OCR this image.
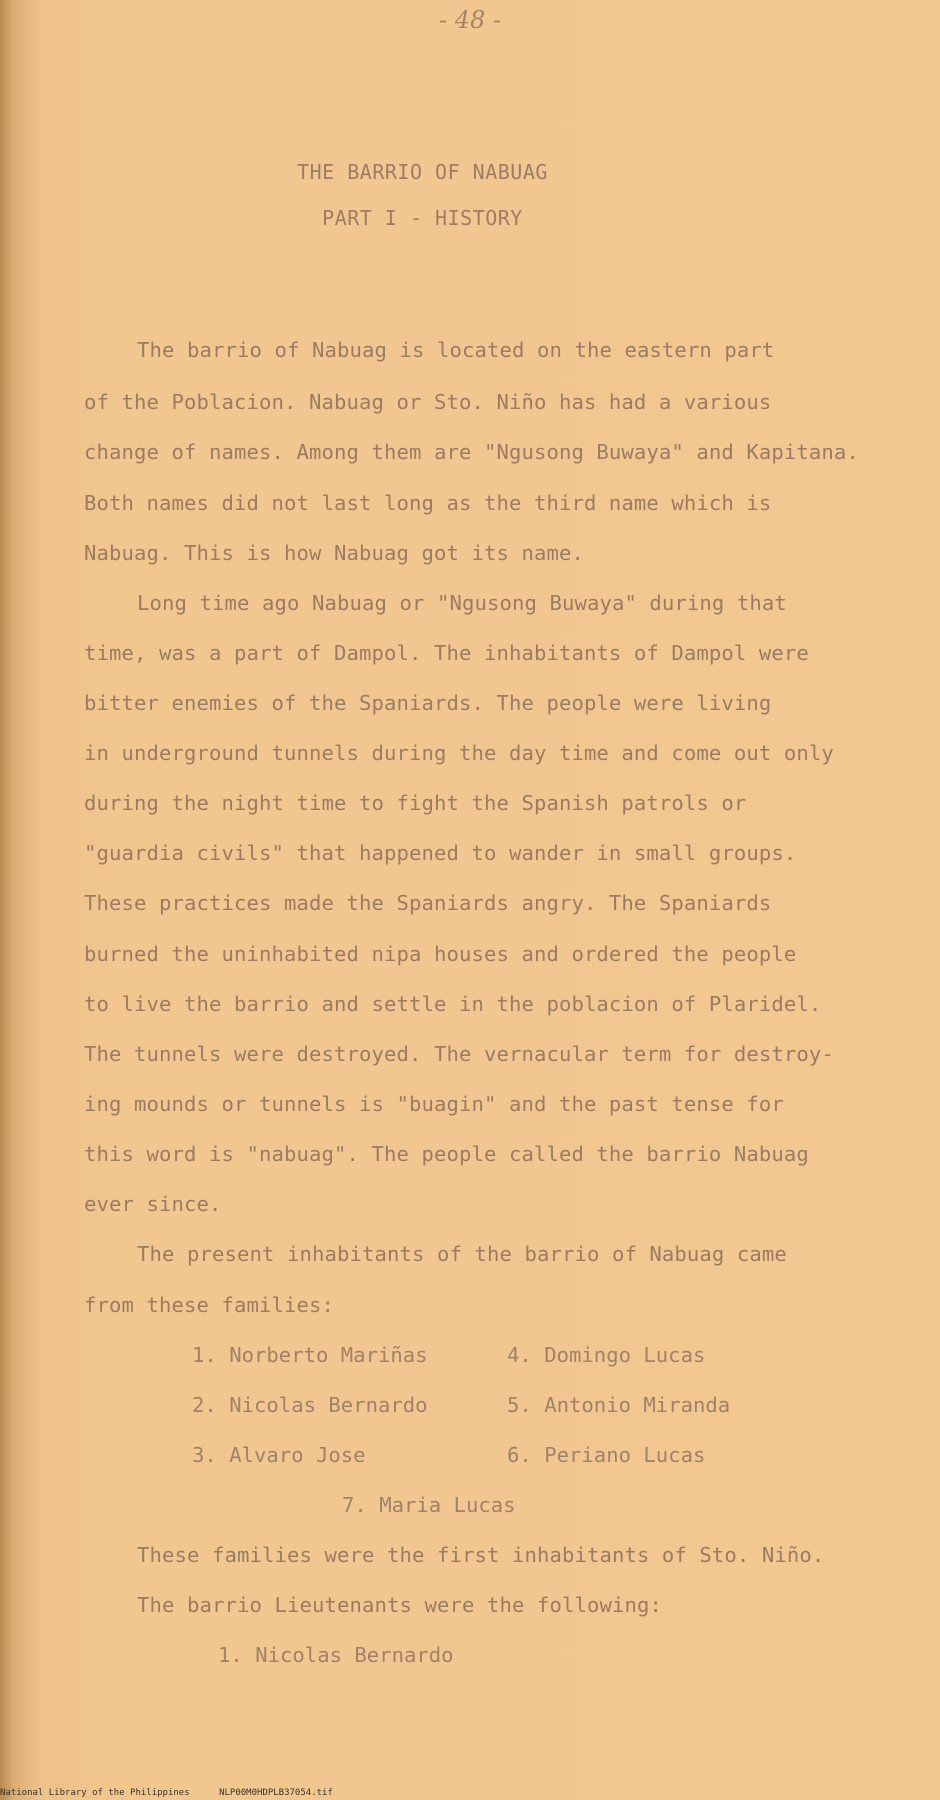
- 48 -
THE BARRIO OF NABUAG
PART I - HISTORY
The barrio of Nabuag is located on the eastern part
of the Poblacion. Nabuag or Sto. Niño has had a various
change of names. Among them are "Ngusong Buwaya" and Kapitana.
Both names did not last long as the third name which is
Nabuag. This is how Nabuag got its name.
Long time ago Nabuag or "Ngusong Buwaya" during that
time, was a part of Dampol. The inhabitants of Dampol were
bitter enemies of the Spaniards. The people were living
in underground tunnels during the day time and come out only
during the night time to fight the Spanish patrols or
"guardia civils" that happened to wander in small groups.
These practices made the Spaniards angry. The Spaniards
burned the uninhabited nipa houses and ordered the people
to live the barrio and settle in the poblacion of Plaridel.
The tunnels were destroyed. The vernacular term for destroy-
ing mounds or tunnels is "buagin" and the past tense for
this word is "nabuag". The people called the barrio Nabuag
ever since.
The present inhabitants of the barrio of Nabuag came
from these families:
1. Norberto Mariñas
2. Nicolas Bernardo
3. Alvaro Jose
4. Domingo Lucas
5. Antonio Miranda
6. Periano Lucas
7. Maria Lucas
These families were the first inhabitants of Sto. Niño.
The barrio Lieutenants were the following:
1. Nicolas Bernardo
National Library of the Philippines	NLP00M0HDPLB37054.tif
